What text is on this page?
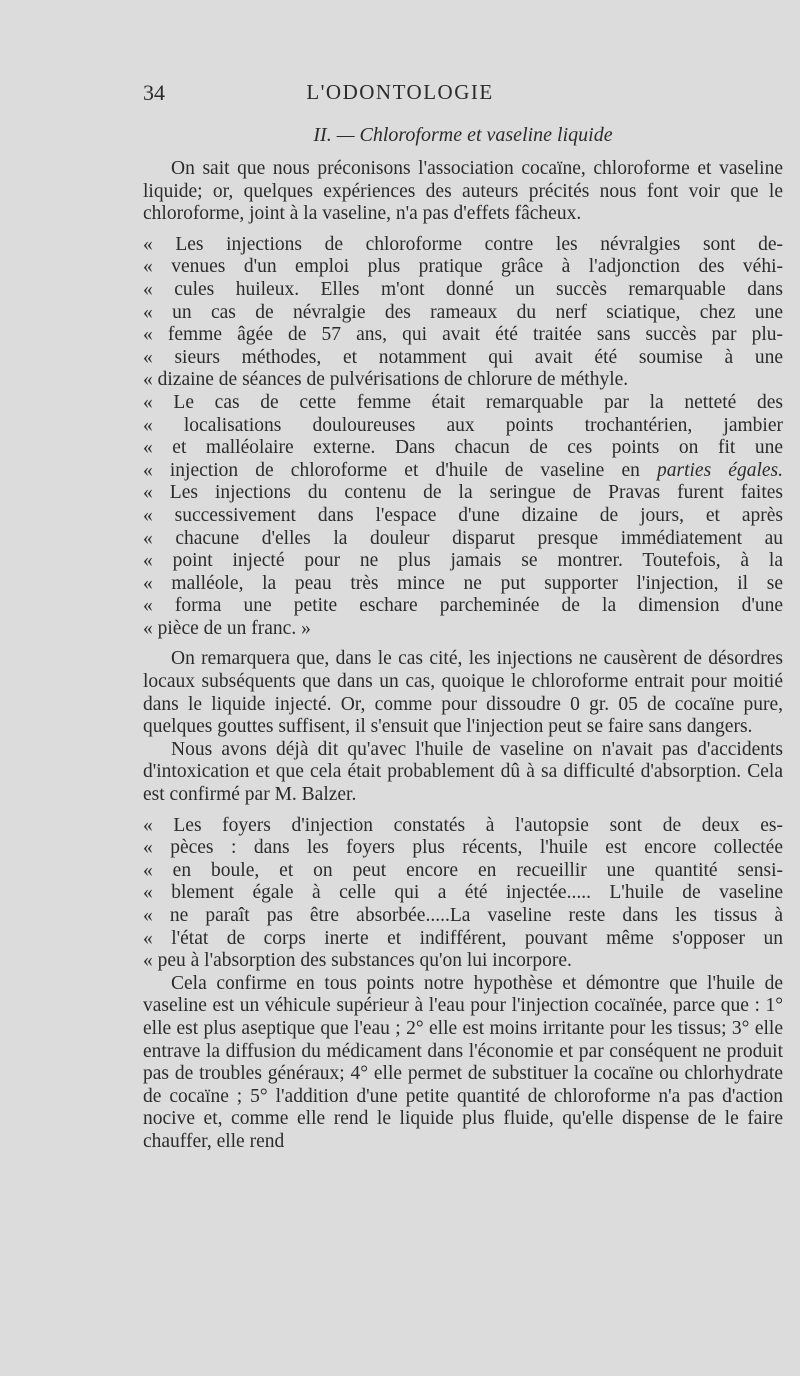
34	L'ODONTOLOGIE
II. — Chloroforme et vaseline liquide

On sait que nous préconisons l'association cocaïne, chloroforme et vaseline liquide; or, quelques expériences des auteurs précités nous font voir que le chloroforme, joint à la vaseline, n'a pas d'effets fâcheux.

« Les injections de chloroforme contre les névralgies sont de-
« venues d'un emploi plus pratique grâce à l'adjonction des véhi-
« cules huileux. Elles m'ont donné un succès remarquable dans
« un cas de névralgie des rameaux du nerf sciatique, chez une
« femme âgée de 57 ans, qui avait été traitée sans succès par plu-
« sieurs méthodes, et notamment qui avait été soumise à une
« dizaine de séances de pulvérisations de chlorure de méthyle.
« Le cas de cette femme était remarquable par la netteté des
« localisations douloureuses aux points trochantérien, jambier
« et malléolaire externe. Dans chacun de ces points on fit une
« injection de chloroforme et d'huile de vaseline en parties égales.
« Les injections du contenu de la seringue de Pravas furent faites
« successivement dans l'espace d'une dizaine de jours, et après
« chacune d'elles la douleur disparut presque immédiatement au
« point injecté pour ne plus jamais se montrer. Toutefois, à la
« malléole, la peau très mince ne put supporter l'injection, il se
« forma une petite eschare parcheminée de la dimension d'une
« pièce de un franc. »

On remarquera que, dans le cas cité, les injections ne causèrent de désordres locaux subséquents que dans un cas, quoique le chloroforme entrait pour moitié dans le liquide injecté. Or, comme pour dissoudre 0 gr. 05 de cocaïne pure, quelques gouttes suffisent, il s'ensuit que l'injection peut se faire sans dangers.

Nous avons déjà dit qu'avec l'huile de vaseline on n'avait pas d'accidents d'intoxication et que cela était probablement dû à sa difficulté d'absorption. Cela est confirmé par M. Balzer.

« Les foyers d'injection constatés à l'autopsie sont de deux es-
« pèces : dans les foyers plus récents, l'huile est encore collectée
« en boule, et on peut encore en recueillir une quantité sensi-
« blement égale à celle qui a été injectée..... L'huile de vaseline
« ne paraît pas être absorbée.....La vaseline reste dans les tissus à
« l'état de corps inerte et indifférent, pouvant même s'opposer un
« peu à l'absorption des substances qu'on lui incorpore.

Cela confirme en tous points notre hypothèse et démontre que l'huile de vaseline est un véhicule supérieur à l'eau pour l'injection cocaïnée, parce que : 1° elle est plus aseptique que l'eau ; 2° elle est moins irritante pour les tissus; 3° elle entrave la diffusion du médicament dans l'économie et par conséquent ne produit pas de troubles généraux; 4° elle permet de substituer la cocaïne ou chlorhydrate de cocaïne ; 5° l'addition d'une petite quantité de chloroforme n'a pas d'action nocive et, comme elle rend le liquide plus fluide, qu'elle dispense de le faire chauffer, elle rend
